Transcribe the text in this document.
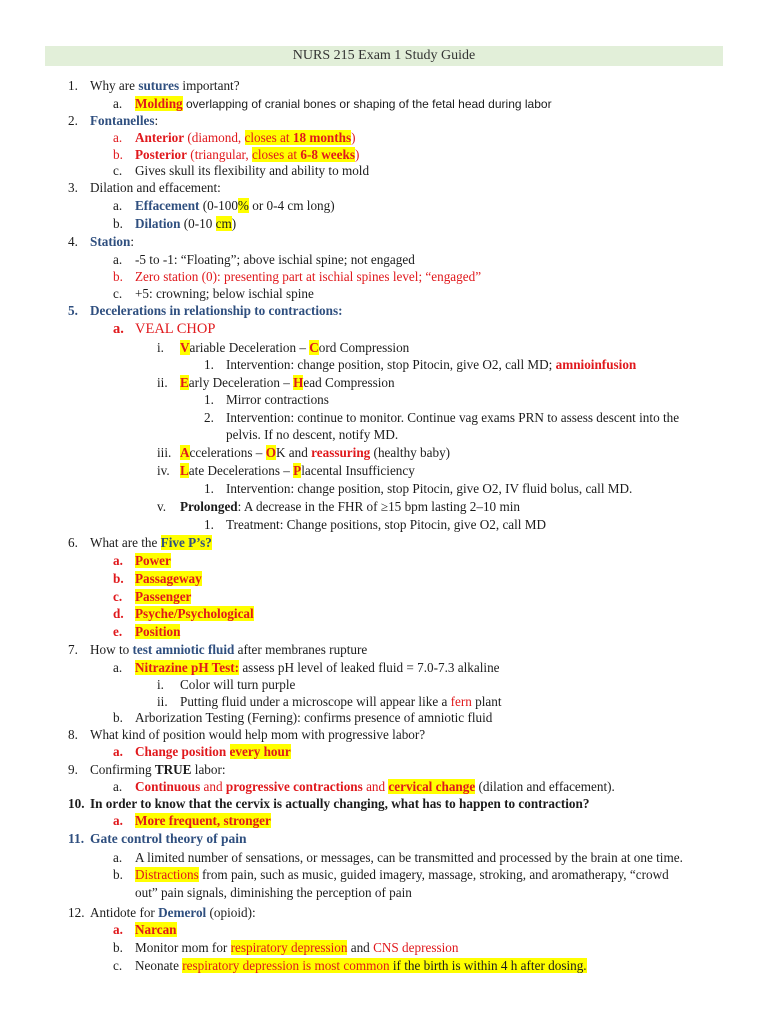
NURS 215 Exam 1 Study Guide
1. Why are sutures important?
a. Molding overlapping of cranial bones or shaping of the fetal head during labor
2. Fontanelles:
a. Anterior (diamond, closes at 18 months)
b. Posterior (triangular, closes at 6-8 weeks)
c. Gives skull its flexibility and ability to mold
3. Dilation and effacement:
a. Effacement (0-100% or 0-4 cm long)
b. Dilation (0-10 cm)
4. Station:
a. -5 to -1: “Floating”; above ischial spine; not engaged
b. Zero station (0): presenting part at ischial spines level; “engaged”
c. +5: crowning; below ischial spine
5. Decelerations in relationship to contractions:
a. VEAL CHOP
i. Variable Deceleration – Cord Compression
1. Intervention: change position, stop Pitocin, give O2, call MD; amnioinfusion
ii. Early Deceleration – Head Compression
1. Mirror contractions
2. Intervention: continue to monitor. Continue vag exams PRN to assess descent into the
pelvis. If no descent, notify MD.
iii. Accelerations – OK and reassuring (healthy baby)
iv. Late Decelerations – Placental Insufficiency
1. Intervention: change position, stop Pitocin, give O2, IV fluid bolus, call MD.
v. Prolonged: A decrease in the FHR of ≥15 bpm lasting 2–10 min
1. Treatment: Change positions, stop Pitocin, give O2, call MD
6. What are the Five P’s?
a. Power
b. Passageway
c. Passenger
d. Psyche/Psychological
e. Position
7. How to test amniotic fluid after membranes rupture
a. Nitrazine pH Test: assess pH level of leaked fluid = 7.0-7.3 alkaline
i. Color will turn purple
ii. Putting fluid under a microscope will appear like a fern plant
b. Arborization Testing (Ferning): confirms presence of amniotic fluid
8. What kind of position would help mom with progressive labor?
a. Change position every hour
9. Confirming TRUE labor:
a. Continuous and progressive contractions and cervical change (dilation and effacement).
10. In order to know that the cervix is actually changing, what has to happen to contraction?
a. More frequent, stronger
11. Gate control theory of pain
a. A limited number of sensations, or messages, can be transmitted and processed by the brain at one time.
b. Distractions from pain, such as music, guided imagery, massage, stroking, and aromatherapy, “crowd
out” pain signals, diminishing the perception of pain
12. Antidote for Demerol (opioid):
a. Narcan
b. Monitor mom for respiratory depression and CNS depression
c. Neonate respiratory depression is most common if the birth is within 4 h after dosing.
